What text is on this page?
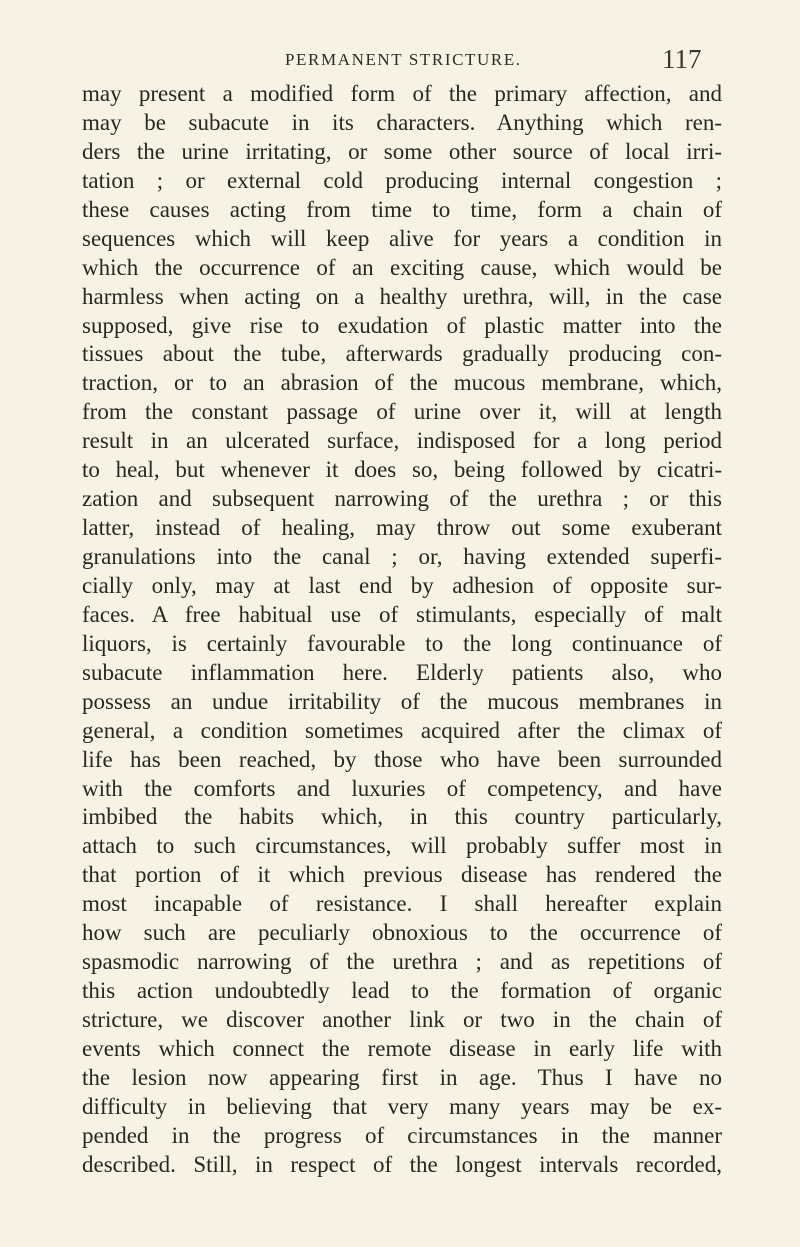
PERMANENT STRICTURE.	117
may present a modified form of the primary affection, and
may be subacute in its characters. Anything which ren-
ders the urine irritating, or some other source of local irri-
tation ; or external cold producing internal congestion ;
these causes acting from time to time, form a chain of
sequences which will keep alive for years a condition in
which the occurrence of an exciting cause, which would be
harmless when acting on a healthy urethra, will, in the case
supposed, give rise to exudation of plastic matter into the
tissues about the tube, afterwards gradually producing con-
traction, or to an abrasion of the mucous membrane, which,
from the constant passage of urine over it, will at length
result in an ulcerated surface, indisposed for a long period
to heal, but whenever it does so, being followed by cicatri-
zation and subsequent narrowing of the urethra ; or this
latter, instead of healing, may throw out some exuberant
granulations into the canal ; or, having extended superfi-
cially only, may at last end by adhesion of opposite sur-
faces. A free habitual use of stimulants, especially of malt
liquors, is certainly favourable to the long continuance of
subacute inflammation here. Elderly patients also, who
possess an undue irritability of the mucous membranes in
general, a condition sometimes acquired after the climax of
life has been reached, by those who have been surrounded
with the comforts and luxuries of competency, and have
imbibed the habits which, in this country particularly,
attach to such circumstances, will probably suffer most in
that portion of it which previous disease has rendered the
most incapable of resistance. I shall hereafter explain
how such are peculiarly obnoxious to the occurrence of
spasmodic narrowing of the urethra ; and as repetitions of
this action undoubtedly lead to the formation of organic
stricture, we discover another link or two in the chain of
events which connect the remote disease in early life with
the lesion now appearing first in age. Thus I have no
difficulty in believing that very many years may be ex-
pended in the progress of circumstances in the manner
described. Still, in respect of the longest intervals recorded,
